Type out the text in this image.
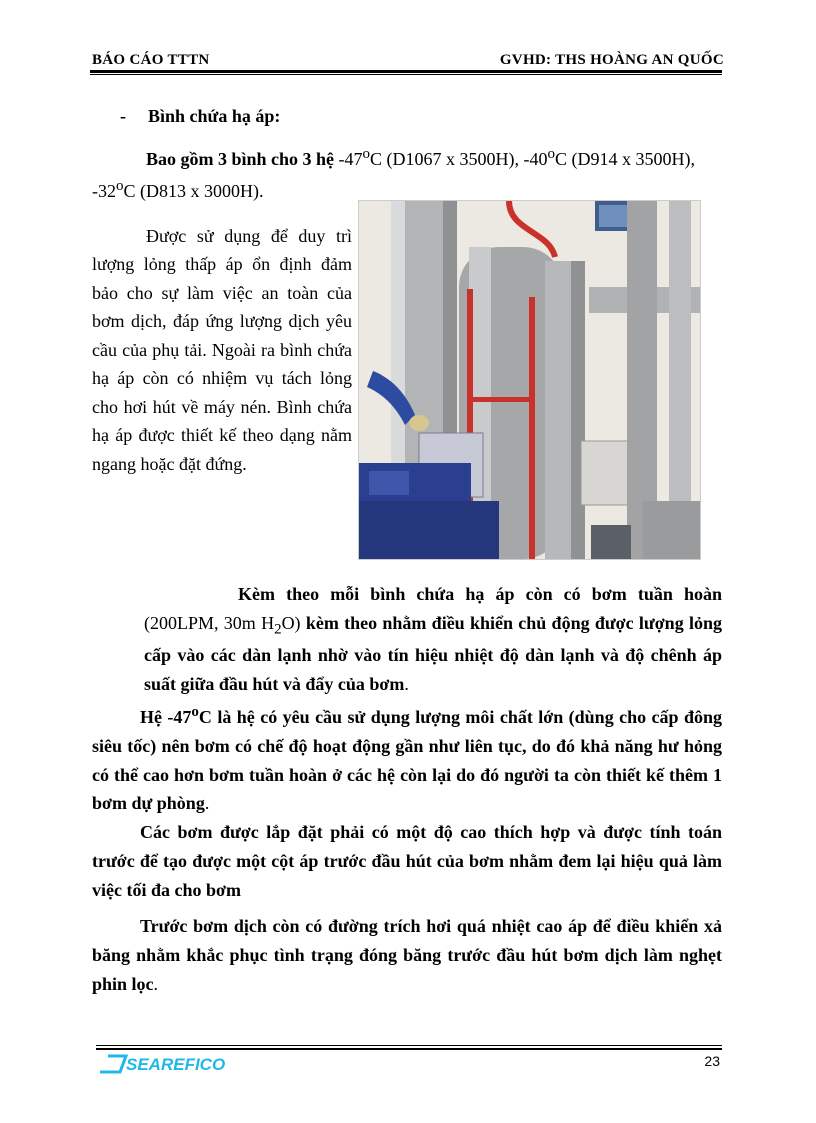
BÁO CÁO TTTN	GVHD: THS HOÀNG AN QUỐC
- Bình chứa hạ áp:

Bao gồm 3 bình cho 3 hệ -47$^o$C (D1067 x 3500H), -40$^o$C (D914 x 3500H), -32$^o$C (D813 x 3000H).

Được sử dụng để duy trì lượng lỏng thấp áp ổn định đảm bảo cho sự làm việc an toàn của bơm dịch, đáp ứng lượng dịch yêu cầu của phụ tải. Ngoài ra bình chứa hạ áp còn có nhiệm vụ tách lỏng cho hơi hút về máy nén. Bình chứa hạ áp được thiết kế theo dạng nằm ngang hoặc đặt đứng.

Kèm theo mỗi bình chứa hạ áp còn có bơm tuần hoàn (200LPM, 30m $H_2O$) kèm theo nhằm điều khiển chủ động được lượng lỏng cấp vào các dàn lạnh nhờ vào tín hiệu nhiệt độ dàn lạnh và độ chênh áp suất giữa đầu hút và đẩy của bơm.

Hệ -47$^o$C là hệ có yêu cầu sử dụng lượng môi chất lớn (dùng cho cấp đông siêu tốc) nên bơm có chế độ hoạt động gần như liên tục, do đó khả năng hư hỏng có thể cao hơn bơm tuần hoàn ở các hệ còn lại do đó người ta còn thiết kế thêm 1 bơm dự phòng.

Các bơm được lắp đặt phải có một độ cao thích hợp và được tính toán trước để tạo được một cột áp trước đầu hút của bơm nhằm đem lại hiệu quả làm việc tối đa cho bơm

Trước bơm dịch còn có đường trích hơi quá nhiệt cao áp để điều khiển xả băng nhằm khắc phục tình trạng đóng băng trước đầu hút bơm dịch làm nghẹt phin lọc.

SEAREFICO	23
